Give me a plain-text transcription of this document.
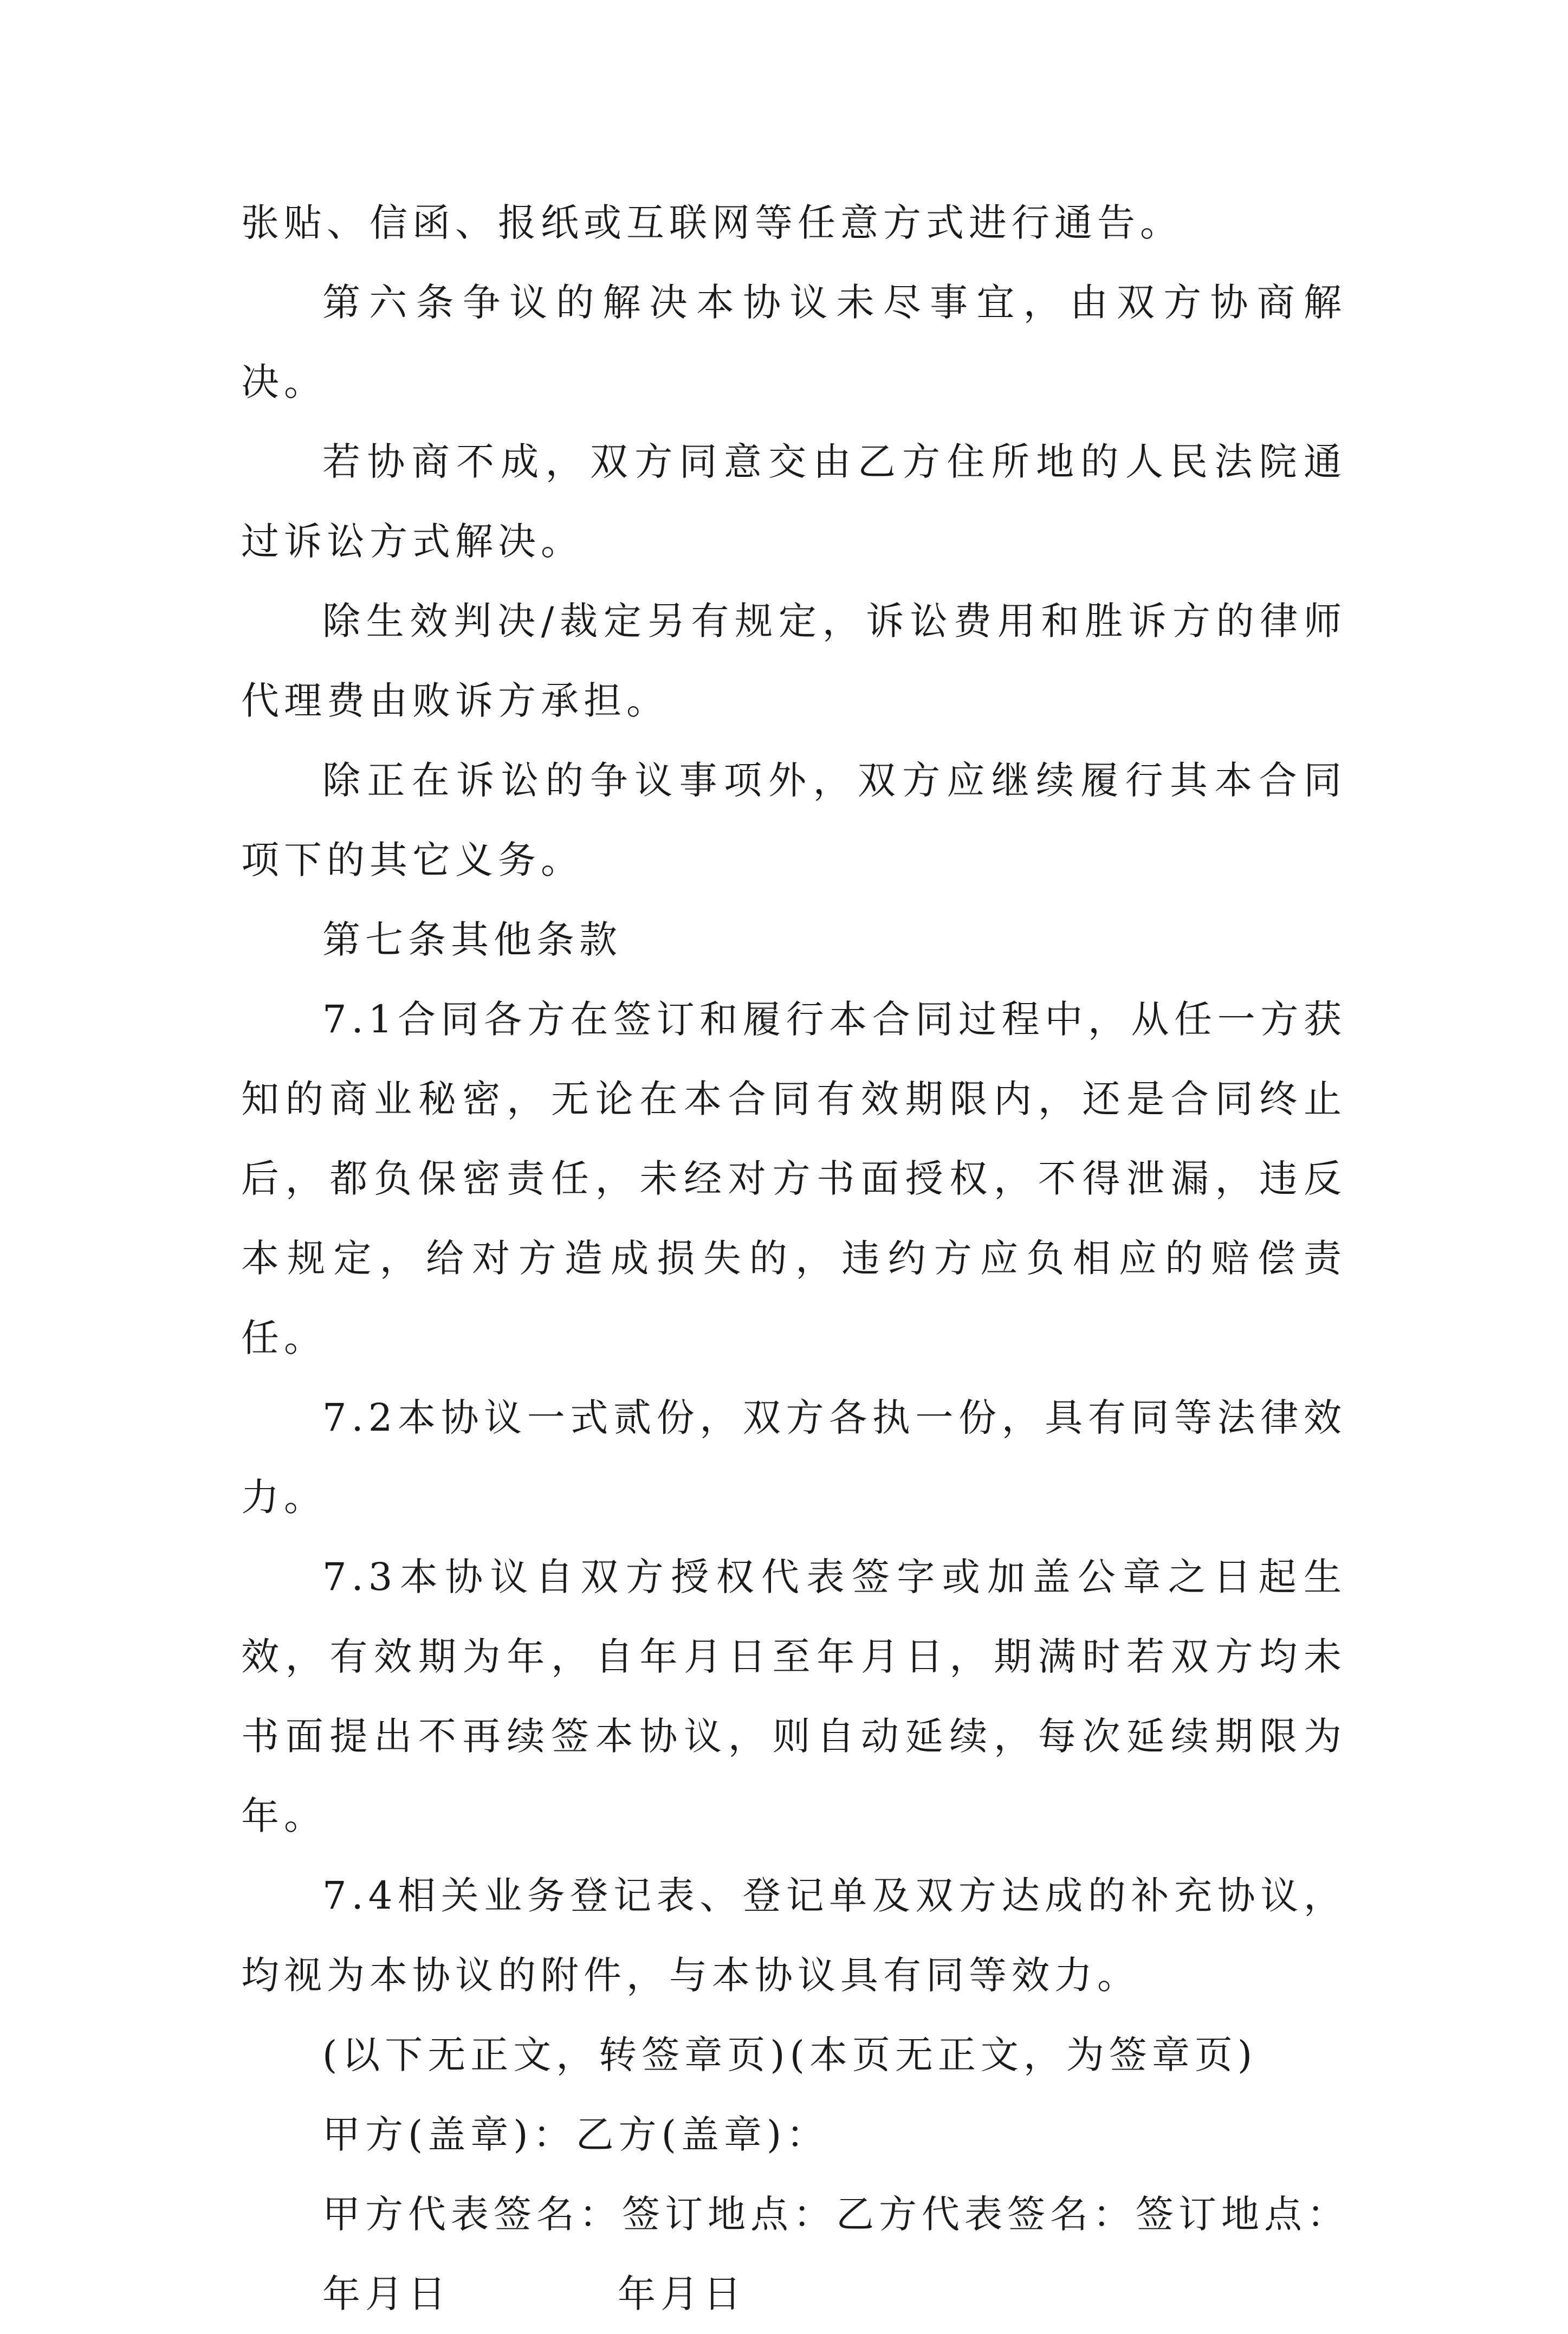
张贴、信函、报纸或互联网等任意方式进行通告。

第六条争议的解决本协议未尽事宜，由双方协商解决。

若协商不成，双方同意交由乙方住所地的人民法院通过诉讼方式解决。

除生效判决/裁定另有规定，诉讼费用和胜诉方的律师代理费由败诉方承担。

除正在诉讼的争议事项外，双方应继续履行其本合同项下的其它义务。

第七条其他条款

7.1合同各方在签订和履行本合同过程中，从任一方获知的商业秘密，无论在本合同有效期限内，还是合同终止后，都负保密责任，未经对方书面授权，不得泄漏，违反本规定，给对方造成损失的，违约方应负相应的赔偿责任。

7.2本协议一式贰份，双方各执一份，具有同等法律效力。

7.3本协议自双方授权代表签字或加盖公章之日起生效，有效期为年，自年月日至年月日，期满时若双方均未书面提出不再续签本协议，则自动延续，每次延续期限为年。

7.4相关业务登记表、登记单及双方达成的补充协议，均视为本协议的附件，与本协议具有同等效力。

(以下无正文，转签章页)(本页无正文，为签章页)

甲方(盖章)：乙方(盖章)：

甲方代表签名：签订地点：乙方代表签名：签订地点：

年月日	年月日
